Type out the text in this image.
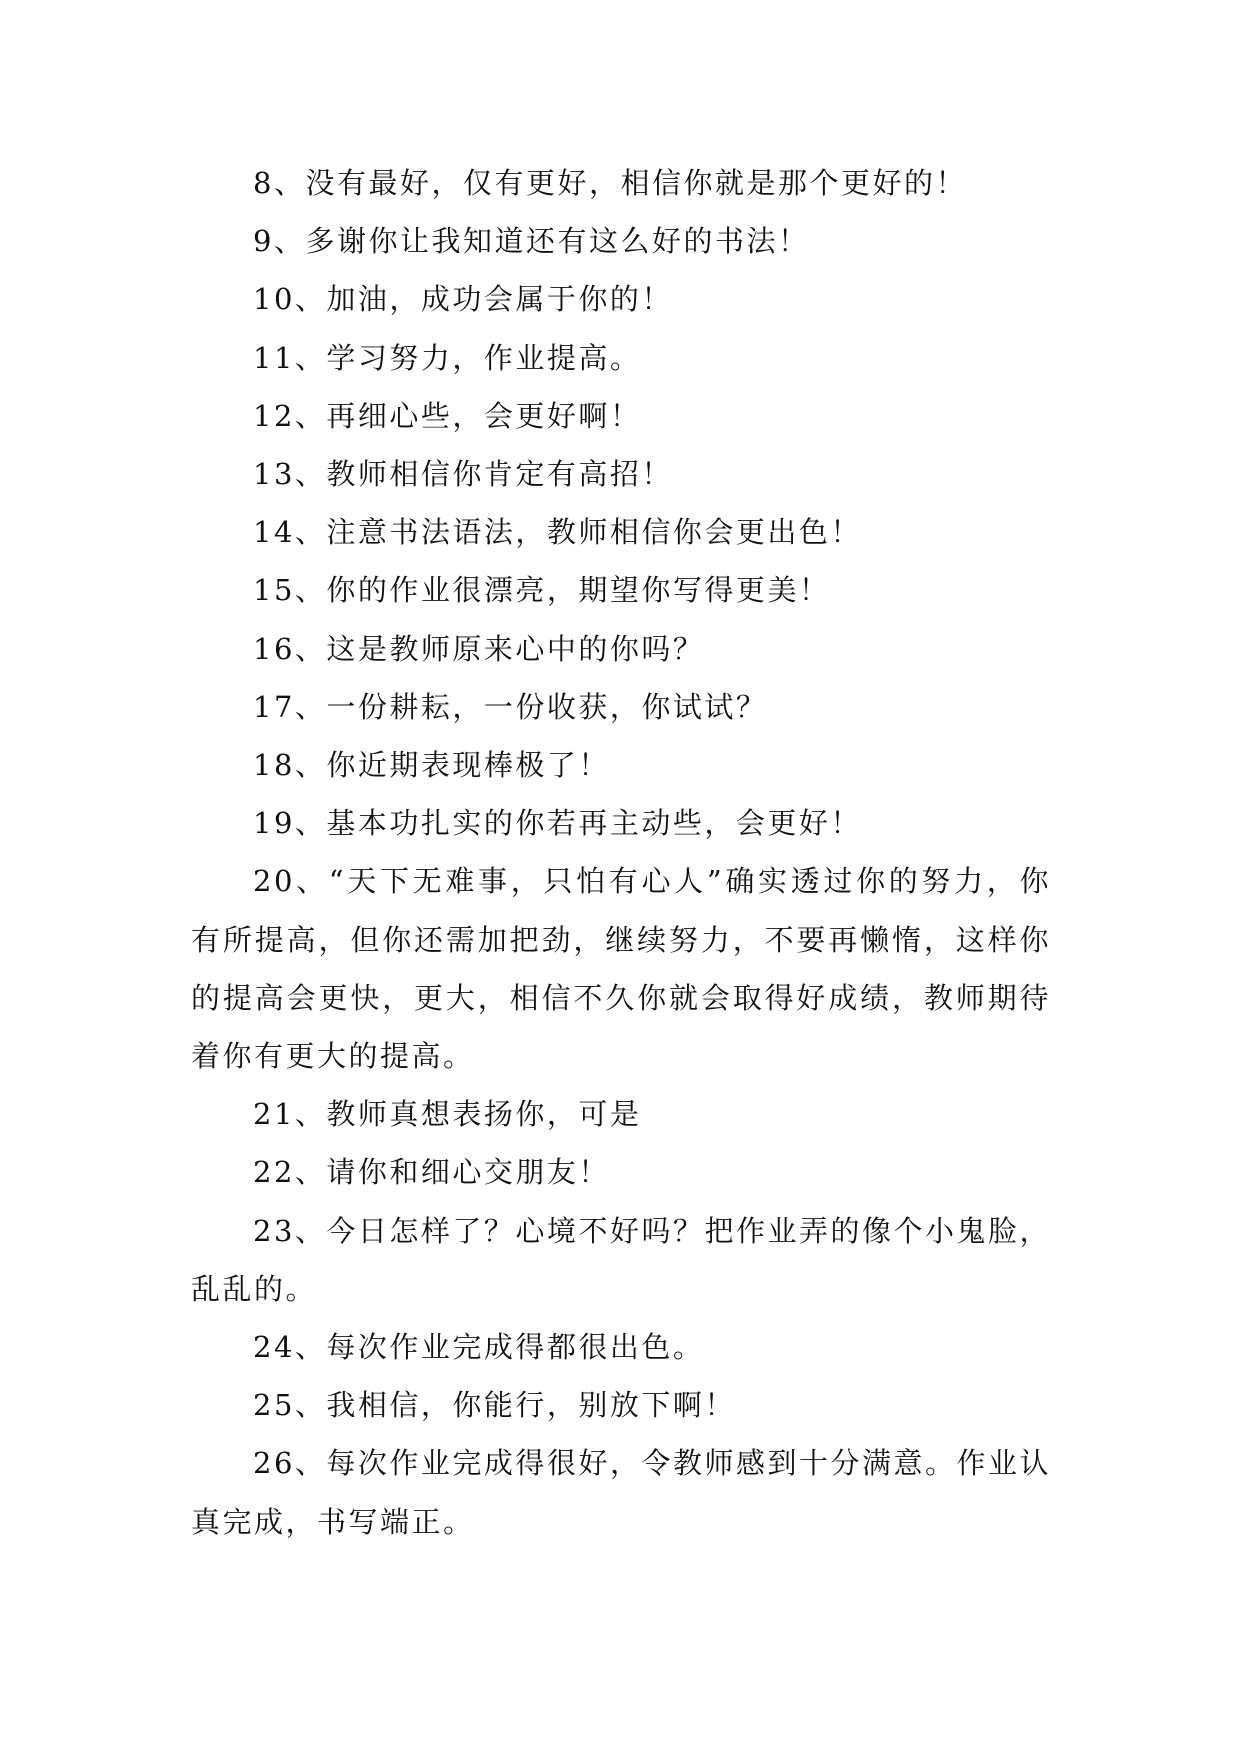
8、没有最好，仅有更好，相信你就是那个更好的！

9、多谢你让我知道还有这么好的书法！

10、加油，成功会属于你的！

11、学习努力，作业提高。

12、再细心些，会更好啊！

13、教师相信你肯定有高招！

14、注意书法语法，教师相信你会更出色！

15、你的作业很漂亮，期望你写得更美！

16、这是教师原来心中的你吗？

17、一份耕耘，一份收获，你试试？

18、你近期表现棒极了！

19、基本功扎实的你若再主动些，会更好！

20、“天下无难事，只怕有心人”确实透过你的努力，你有所提高，但你还需加把劲，继续努力，不要再懒惰，这样你的提高会更快，更大，相信不久你就会取得好成绩，教师期待着你有更大的提高。

21、教师真想表扬你，可是

22、请你和细心交朋友！

23、今日怎样了？心境不好吗？把作业弄的像个小鬼脸，乱乱的。

24、每次作业完成得都很出色。

25、我相信，你能行，别放下啊！

26、每次作业完成得很好，令教师感到十分满意。作业认真完成，书写端正。
